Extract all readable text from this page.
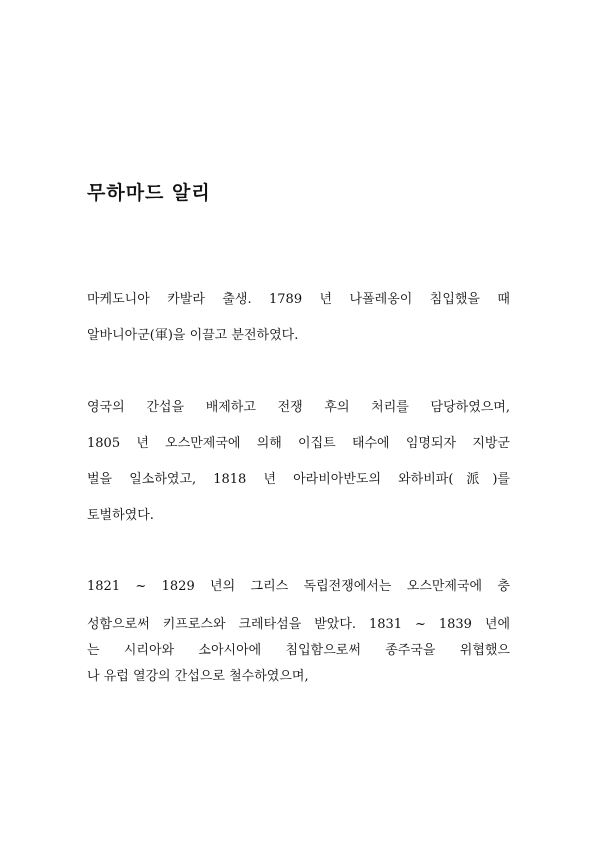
무하마드 알리
마케도니아 카발라 출생. 1789 년 나폴레옹이 침입했을 때
알바니아군(軍)을 이끌고 분전하였다.
영국의 간섭을 배제하고 전쟁 후의 처리를 담당하였으며,
1805 년 오스만제국에 의해 이집트 태수에 임명되자 지방군
벌을 일소하였고, 1818 년 아라비아반도의 와하비파(派)를
토벌하였다.
1821 ~ 1829 년의 그리스 독립전쟁에서는 오스만제국에 충
성함으로써 키프로스와 크레타섬을 받았다. 1831 ~ 1839 년에
는 시리아와 소아시아에 침입함으로써 종주국을 위협했으
나 유럽 열강의 간섭으로 철수하였으며,
